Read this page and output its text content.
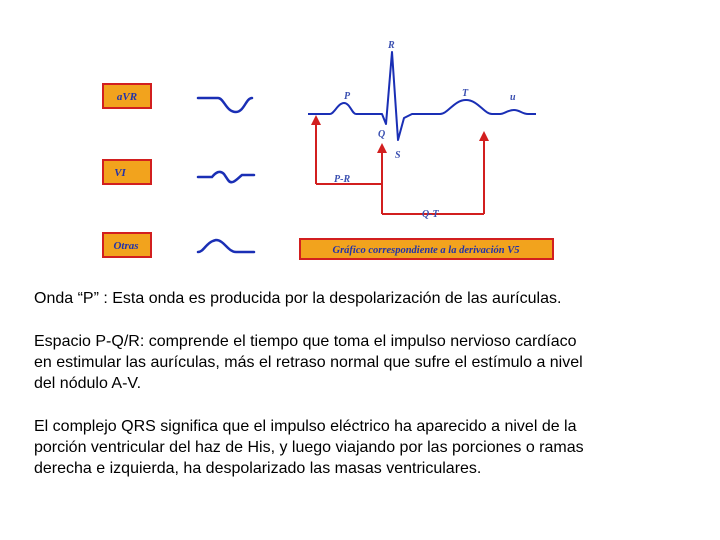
aVR
VI
Otras
R
P	T	u
Q
S
P-R
Q-T
Gráfico correspondiente a la derivación V5

Onda “P” : Esta onda es producida por la despolarización de las aurículas.

Espacio P-Q/R: comprende el tiempo que toma el impulso nervioso cardíaco
en estimular las aurículas, más el retraso normal que sufre el estímulo a nivel
del nódulo A-V.

El complejo QRS significa que el impulso eléctrico ha aparecido a nivel de la
porción ventricular del haz de His, y luego viajando por las porciones o ramas
derecha e izquierda, ha despolarizado las masas ventriculares.
